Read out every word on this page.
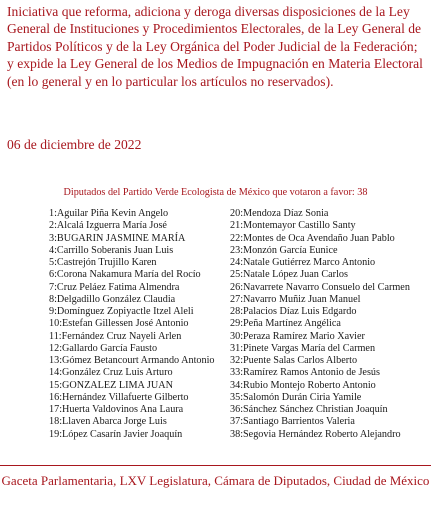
Iniciativa que reforma, adiciona y deroga diversas disposiciones de la Ley General de Instituciones y Procedimientos Electorales, de la Ley General de Partidos Políticos y de la Ley Orgánica del Poder Judicial de la Federación; y expide la Ley General de los Medios de Impugnación en Materia Electoral (en lo general y en lo particular los artículos no reservados).

06 de diciembre de 2022

Diputados del Partido Verde Ecologista de México que votaron a favor: 38

1:Aguilar Piña Kevin Angelo
2:Alcalá Izguerra María José
3:BUGARIN JASMINE MARÍA
4:Carrillo Soberanis Juan Luis
5:Castrejón Trujillo Karen
6:Corona Nakamura María del Rocío
7:Cruz Peláez Fatima Almendra
8:Delgadillo González Claudia
9:Domínguez Zopiyactle Itzel Aleli
10:Estefan Gillessen José Antonio
11:Fernández Cruz Nayeli Arlen
12:Gallardo García Fausto
13:Gómez Betancourt Armando Antonio
14:González Cruz Luis Arturo
15:GONZALEZ LIMA JUAN
16:Hernández Villafuerte Gilberto
17:Huerta Valdovinos Ana Laura
18:Llaven Abarca Jorge Luis
19:López Casarín Javier Joaquín
20:Mendoza Díaz Sonia
21:Montemayor Castillo Santy
22:Montes de Oca Avendaño Juan Pablo
23:Monzón García Eunice
24:Natale Gutiérrez Marco Antonio
25:Natale López Juan Carlos
26:Navarrete Navarro Consuelo del Carmen
27:Navarro Muñiz Juan Manuel
28:Palacios Díaz Luis Edgardo
29:Peña Martínez Angélica
30:Peraza Ramírez Mario Xavier
31:Pinete Vargas María del Carmen
32:Puente Salas Carlos Alberto
33:Ramírez Ramos Antonio de Jesús
34:Rubio Montejo Roberto Antonio
35:Salomón Durán Ciria Yamile
36:Sánchez Sánchez Christian Joaquín
37:Santiago Barrientos Valeria
38:Segovia Hernández Roberto Alejandro

Gaceta Parlamentaria, LXV Legislatura, Cámara de Diputados, Ciudad de México
